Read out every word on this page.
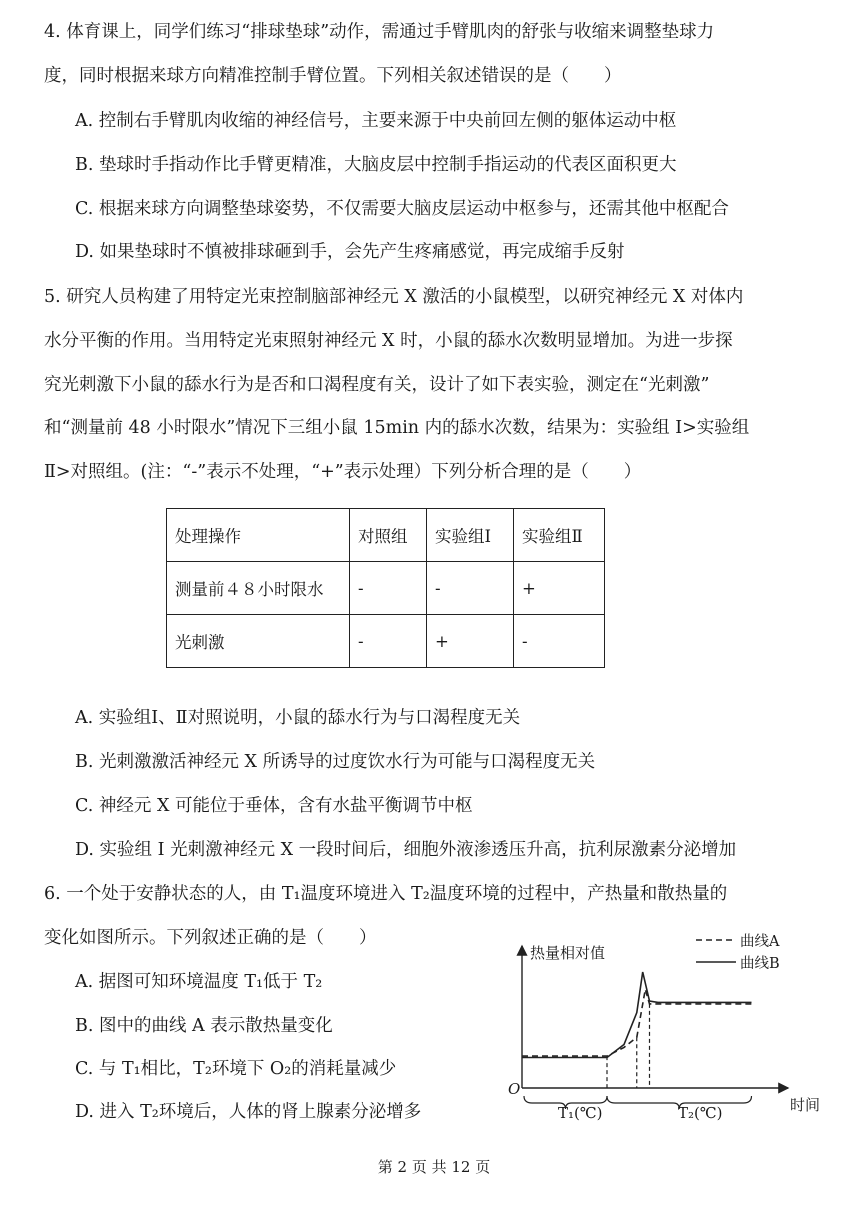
4. 体育课上，同学们练习“排球垫球”动作，需通过手臂肌肉的舒张与收缩来调整垫球力
度，同时根据来球方向精准控制手臂位置。下列相关叙述错误的是（　　）
A. 控制右手臂肌肉收缩的神经信号，主要来源于中央前回左侧的躯体运动中枢
B. 垫球时手指动作比手臂更精准，大脑皮层中控制手指运动的代表区面积更大
C. 根据来球方向调整垫球姿势，不仅需要大脑皮层运动中枢参与，还需其他中枢配合
D. 如果垫球时不慎被排球砸到手，会先产生疼痛感觉，再完成缩手反射
5. 研究人员构建了用特定光束控制脑部神经元 X 激活的小鼠模型，以研究神经元 X 对体内
水分平衡的作用。当用特定光束照射神经元 X 时，小鼠的舔水次数明显增加。为进一步探
究光刺激下小鼠的舔水行为是否和口渴程度有关，设计了如下表实验，测定在“光刺激”
和“测量前 48 小时限水”情况下三组小鼠 15min 内的舔水次数，结果为：实验组 I>实验组
Ⅱ>对照组。(注：“-”表示不处理，“+”表示处理）下列分析合理的是（　　）
处理操作	对照组	实验组Ⅰ	实验组Ⅱ
测量前４８小时限水	-	-	+
光刺激	-	+	-
A. 实验组Ⅰ、Ⅱ对照说明，小鼠的舔水行为与口渴程度无关
B. 光刺激激活神经元 X 所诱导的过度饮水行为可能与口渴程度无关
C. 神经元 X 可能位于垂体，含有水盐平衡调节中枢
D. 实验组 I 光刺激神经元 X 一段时间后，细胞外液渗透压升高，抗利尿激素分泌增加
6. 一个处于安静状态的人，由 T₁温度环境进入 T₂温度环境的过程中，产热量和散热量的
变化如图所示。下列叙述正确的是（　　）
A. 据图可知环境温度 T₁低于 T₂
B. 图中的曲线 A 表示散热量变化
C. 与 T₁相比，T₂环境下 O₂的消耗量减少
D. 进入 T₂环境后，人体的肾上腺素分泌增多
热量相对值
时间
O
T₁(℃)	T₂(℃)
曲线A
曲线B
第 2 页 共 12 页
